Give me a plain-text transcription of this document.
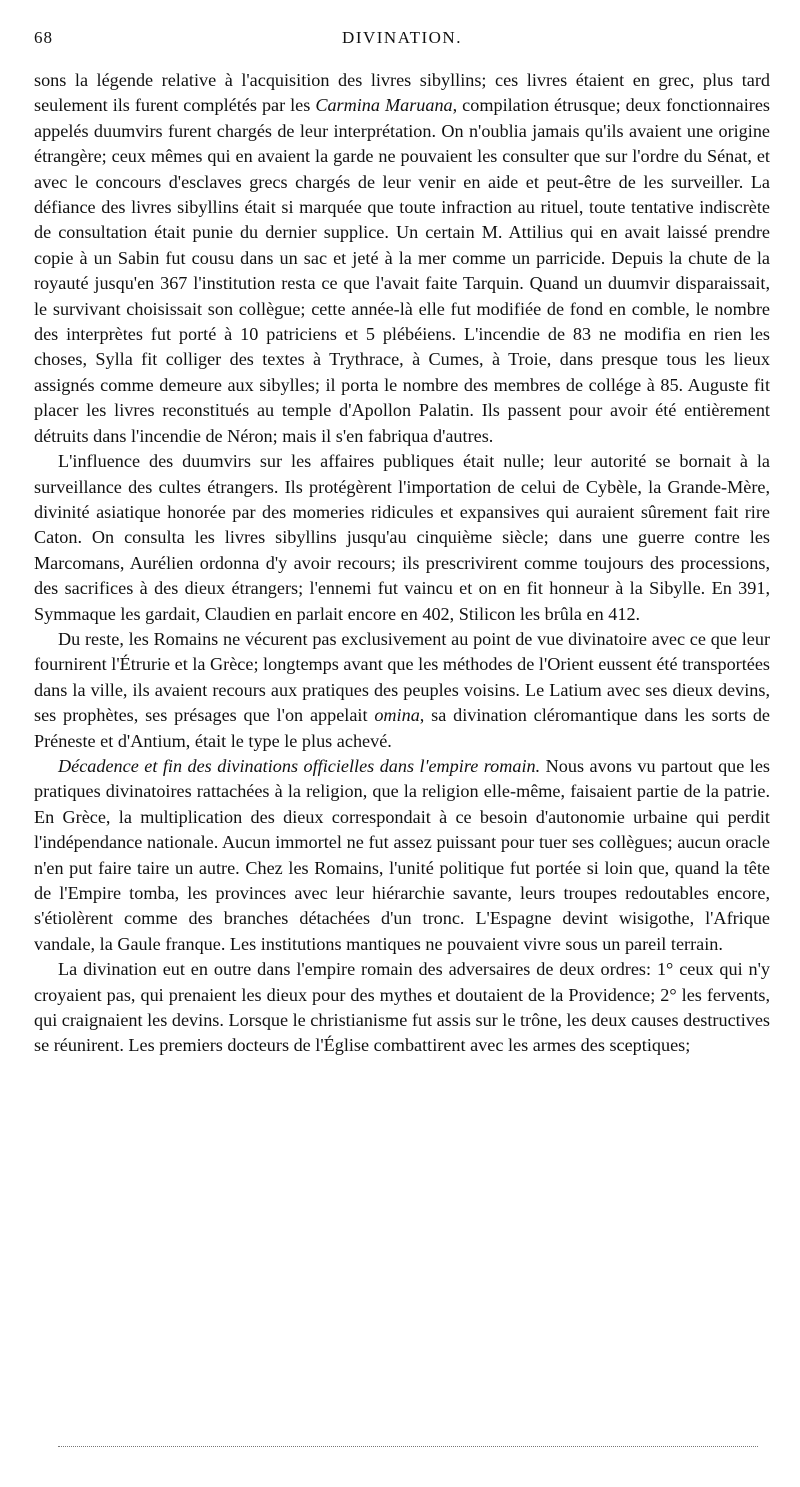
68	DIVINATION.

sons la légende relative à l'acquisition des livres sibyllins; ces livres étaient en grec, plus tard seulement ils furent complétés par les Carmina Maruana, compilation étrusque; deux fonctionnaires appelés duumvirs furent chargés de leur interprétation. On n'oublia jamais qu'ils avaient une origine étrangère; ceux mêmes qui en avaient la garde ne pouvaient les consulter que sur l'ordre du Sénat, et avec le concours d'esclaves grecs chargés de leur venir en aide et peut-être de les surveiller. La défiance des livres sibyllins était si marquée que toute infraction au rituel, toute tentative indiscrète de consultation était punie du dernier supplice. Un certain M. Attilius qui en avait laissé prendre copie à un Sabin fut cousu dans un sac et jeté à la mer comme un parricide. Depuis la chute de la royauté jusqu'en 367 l'institution resta ce que l'avait faite Tarquin. Quand un duumvir disparaissait, le survivant choisissait son collègue; cette année-là elle fut modifiée de fond en comble, le nombre des interprètes fut porté à 10 patriciens et 5 plébéiens. L'incendie de 83 ne modifia en rien les choses, Sylla fit colliger des textes à Trythrace, à Cumes, à Troie, dans presque tous les lieux assignés comme demeure aux sibylles; il porta le nombre des membres de collége à 85. Auguste fit placer les livres reconstitués au temple d'Apollon Palatin. Ils passent pour avoir été entièrement détruits dans l'incendie de Néron; mais il s'en fabriqua d'autres.

L'influence des duumvirs sur les affaires publiques était nulle; leur autorité se bornait à la surveillance des cultes étrangers. Ils protégèrent l'importation de celui de Cybèle, la Grande-Mère, divinité asiatique honorée par des momeries ridicules et expansives qui auraient sûrement fait rire Caton. On consulta les livres sibyllins jusqu'au cinquième siècle; dans une guerre contre les Marcomans, Aurélien ordonna d'y avoir recours; ils prescrivirent comme toujours des processions, des sacrifices à des dieux étrangers; l'ennemi fut vaincu et on en fit honneur à la Sibylle. En 391, Symmaque les gardait, Claudien en parlait encore en 402, Stilicon les brûla en 412.

Du reste, les Romains ne vécurent pas exclusivement au point de vue divinatoire avec ce que leur fournirent l'Étrurie et la Grèce; longtemps avant que les méthodes de l'Orient eussent été transportées dans la ville, ils avaient recours aux pratiques des peuples voisins. Le Latium avec ses dieux devins, ses prophètes, ses présages que l'on appelait omina, sa divination cléromantique dans les sorts de Préneste et d'Antium, était le type le plus achevé.

Décadence et fin des divinations officielles dans l'empire romain. Nous avons vu partout que les pratiques divinatoires rattachées à la religion, que la religion elle-même, faisaient partie de la patrie. En Grèce, la multiplication des dieux correspondait à ce besoin d'autonomie urbaine qui perdit l'indépendance nationale. Aucun immortel ne fut assez puissant pour tuer ses collègues; aucun oracle n'en put faire taire un autre. Chez les Romains, l'unité politique fut portée si loin que, quand la tête de l'Empire tomba, les provinces avec leur hiérarchie savante, leurs troupes redoutables encore, s'étiolèrent comme des branches détachées d'un tronc. L'Espagne devint wisigothe, l'Afrique vandale, la Gaule franque. Les institutions mantiques ne pouvaient vivre sous un pareil terrain.

La divination eut en outre dans l'empire romain des adversaires de deux ordres: 1° ceux qui n'y croyaient pas, qui prenaient les dieux pour des mythes et doutaient de la Providence; 2° les fervents, qui craignaient les devins. Lorsque le christianisme fut assis sur le trône, les deux causes destructives se réunirent. Les premiers docteurs de l'Église combattirent avec les armes des sceptiques;
